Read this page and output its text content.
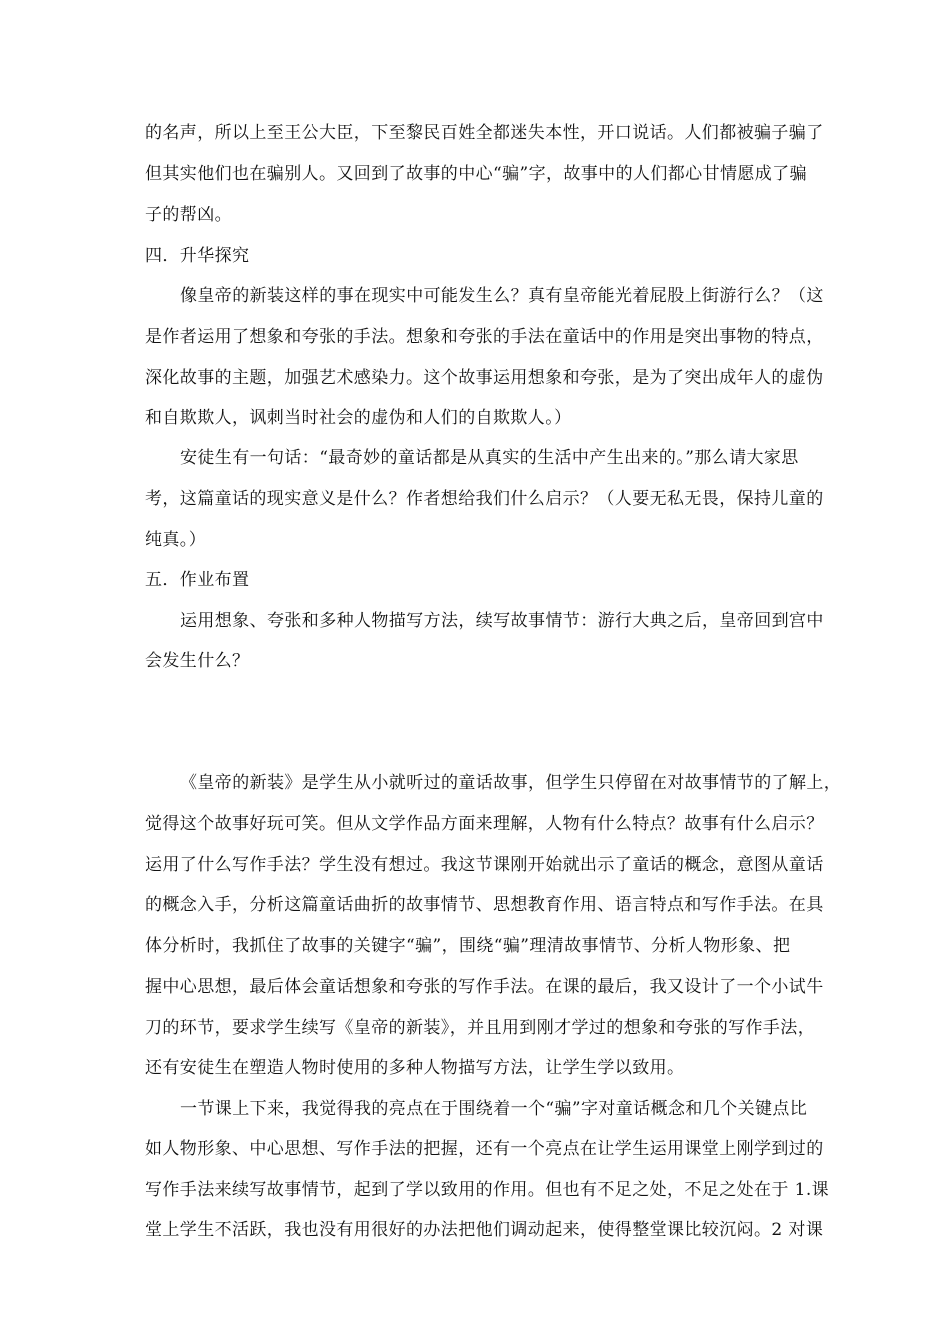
的名声，所以上至王公大臣，下至黎民百姓全都迷失本性，开口说话。人们都被骗子骗了
但其实他们也在骗别人。又回到了故事的中心“骗”字，故事中的人们都心甘情愿成了骗
子的帮凶。
四．升华探究
像皇帝的新装这样的事在现实中可能发生么？真有皇帝能光着屁股上街游行么？（这
是作者运用了想象和夸张的手法。想象和夸张的手法在童话中的作用是突出事物的特点，
深化故事的主题，加强艺术感染力。这个故事运用想象和夸张，是为了突出成年人的虚伪
和自欺欺人，讽刺当时社会的虚伪和人们的自欺欺人。）
安徒生有一句话：“最奇妙的童话都是从真实的生活中产生出来的。”那么请大家思
考，这篇童话的现实意义是什么？作者想给我们什么启示？（人要无私无畏，保持儿童的
纯真。）
五．作业布置
运用想象、夸张和多种人物描写方法，续写故事情节：游行大典之后，皇帝回到宫中
会发生什么？
《皇帝的新装》是学生从小就听过的童话故事，但学生只停留在对故事情节的了解上，
觉得这个故事好玩可笑。但从文学作品方面来理解，人物有什么特点？故事有什么启示？
运用了什么写作手法？学生没有想过。我这节课刚开始就出示了童话的概念，意图从童话
的概念入手，分析这篇童话曲折的故事情节、思想教育作用、语言特点和写作手法。在具
体分析时，我抓住了故事的关键字“骗”，围绕“骗”理清故事情节、分析人物形象、把
握中心思想，最后体会童话想象和夸张的写作手法。在课的最后，我又设计了一个小试牛
刀的环节，要求学生续写《皇帝的新装》，并且用到刚才学过的想象和夸张的写作手法，
还有安徒生在塑造人物时使用的多种人物描写方法，让学生学以致用。
一节课上下来，我觉得我的亮点在于围绕着一个“骗”字对童话概念和几个关键点比
如人物形象、中心思想、写作手法的把握，还有一个亮点在让学生运用课堂上刚学到过的
写作手法来续写故事情节，起到了学以致用的作用。但也有不足之处，不足之处在于 1.课
堂上学生不活跃，我也没有用很好的办法把他们调动起来，使得整堂课比较沉闷。2 对课
